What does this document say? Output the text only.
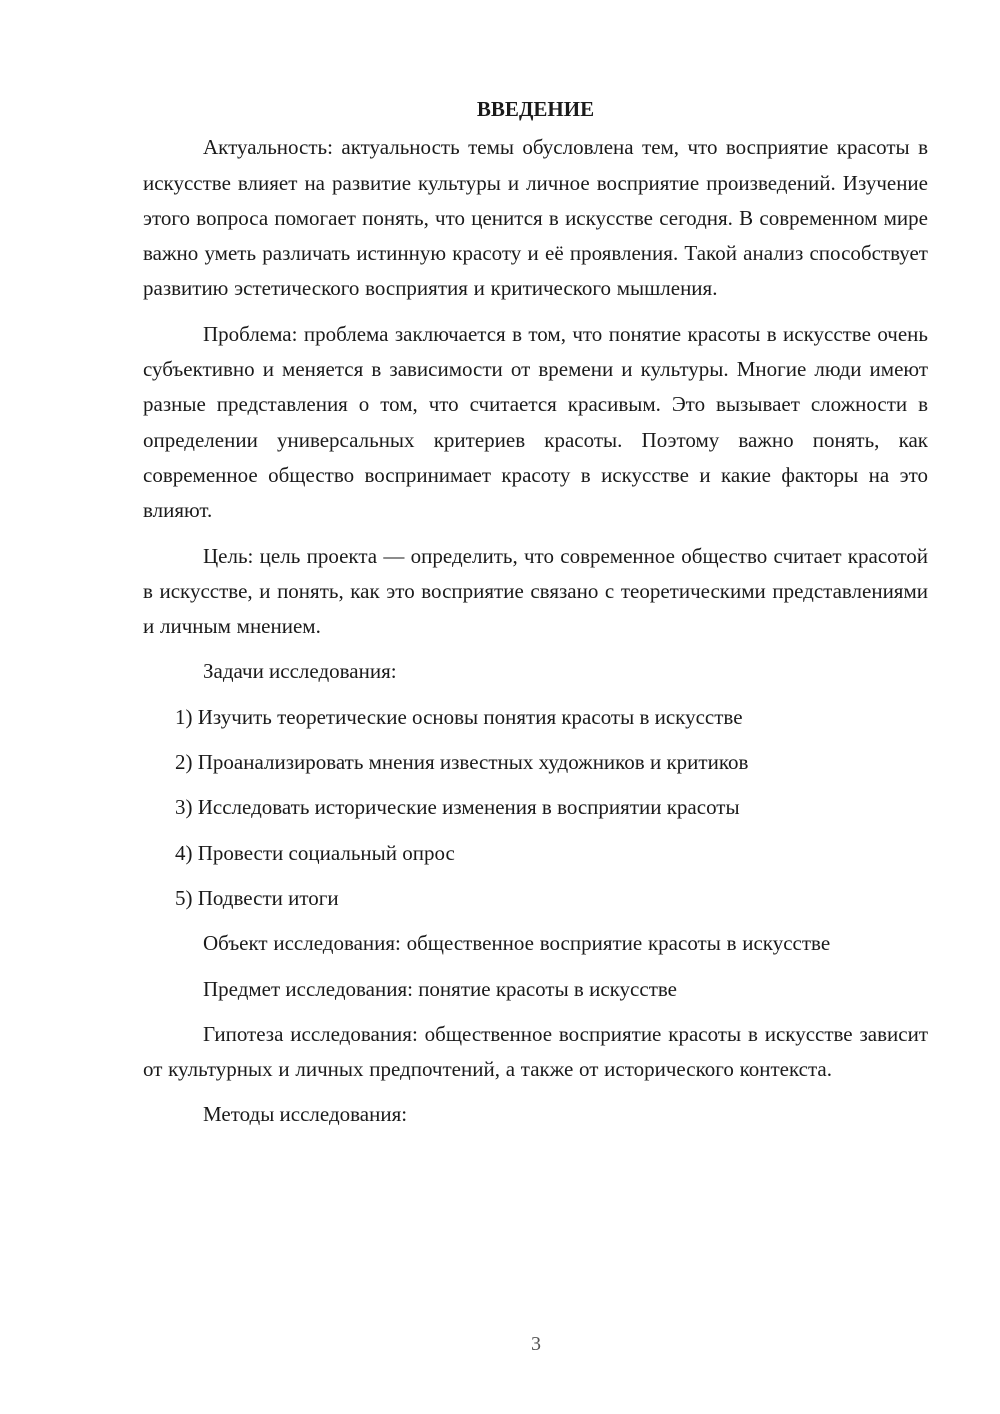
ВВЕДЕНИЕ

Актуальность: актуальность темы обусловлена тем, что восприятие красоты в искусстве влияет на развитие культуры и личное восприятие произведений. Изучение этого вопроса помогает понять, что ценится в искусстве сегодня. В современном мире важно уметь различать истинную красоту и её проявления. Такой анализ способствует развитию эстетического восприятия и критического мышления.

Проблема: проблема заключается в том, что понятие красоты в искусстве очень субъективно и меняется в зависимости от времени и культуры. Многие люди имеют разные представления о том, что считается красивым. Это вызывает сложности в определении универсальных критериев красоты. Поэтому важно понять, как современное общество воспринимает красоту в искусстве и какие факторы на это влияют.

Цель: цель проекта — определить, что современное общество считает красотой в искусстве, и понять, как это восприятие связано с теоретическими представлениями и личным мнением.

Задачи исследования:

1) Изучить теоретические основы понятия красоты в искусстве
2) Проанализировать мнения известных художников и критиков
3) Исследовать исторические изменения в восприятии красоты
4) Провести социальный опрос
5) Подвести итоги

Объект исследования: общественное восприятие красоты в искусстве

Предмет исследования: понятие красоты в искусстве

Гипотеза исследования: общественное восприятие красоты в искусстве зависит от культурных и личных предпочтений, а также от исторического контекста.

Методы исследования:

3
